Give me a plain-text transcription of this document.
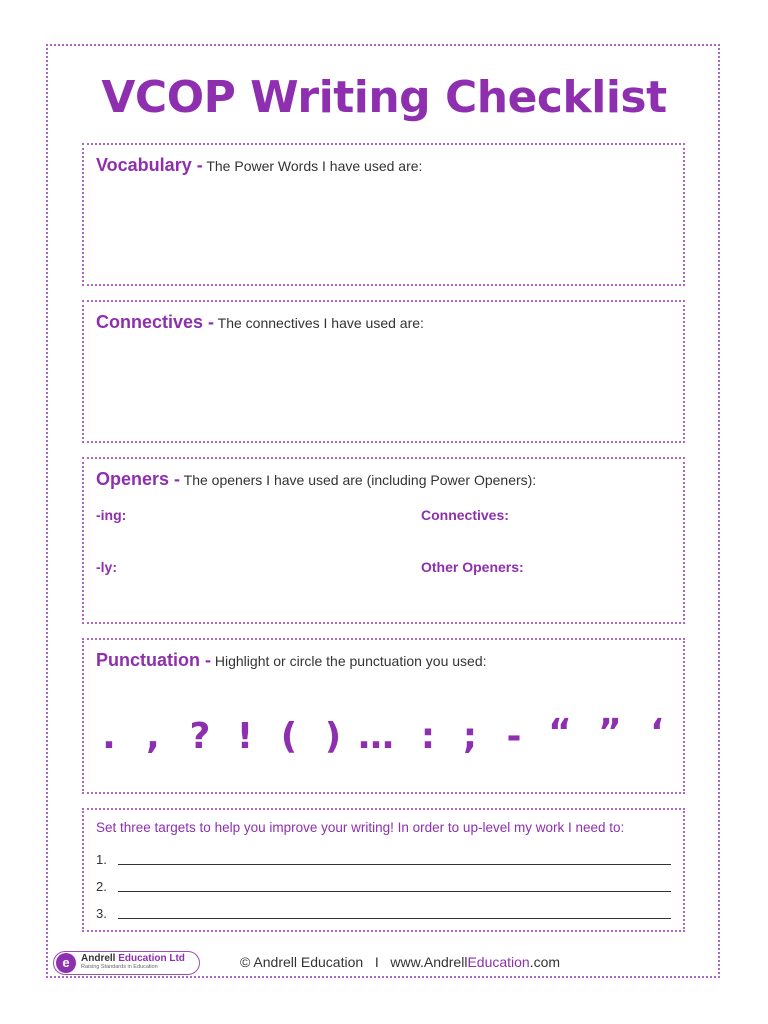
VCOP Writing Checklist
Vocabulary - The Power Words I have used are:
Connectives - The connectives I have used are:
Openers - The openers I have used are (including Power Openers):
-ing:	Connectives:
-ly:	Other Openers:
Punctuation - Highlight or circle the punctuation you used:
. , ? ! ( ) … : ; - “ ” ‘
Set three targets to help you improve your writing! In order to up-level my work I need to:
1.
2.
3.
e	Andrell Education Ltd
Raising Standards in Education	© Andrell Education I www.AndrellEducation.com
